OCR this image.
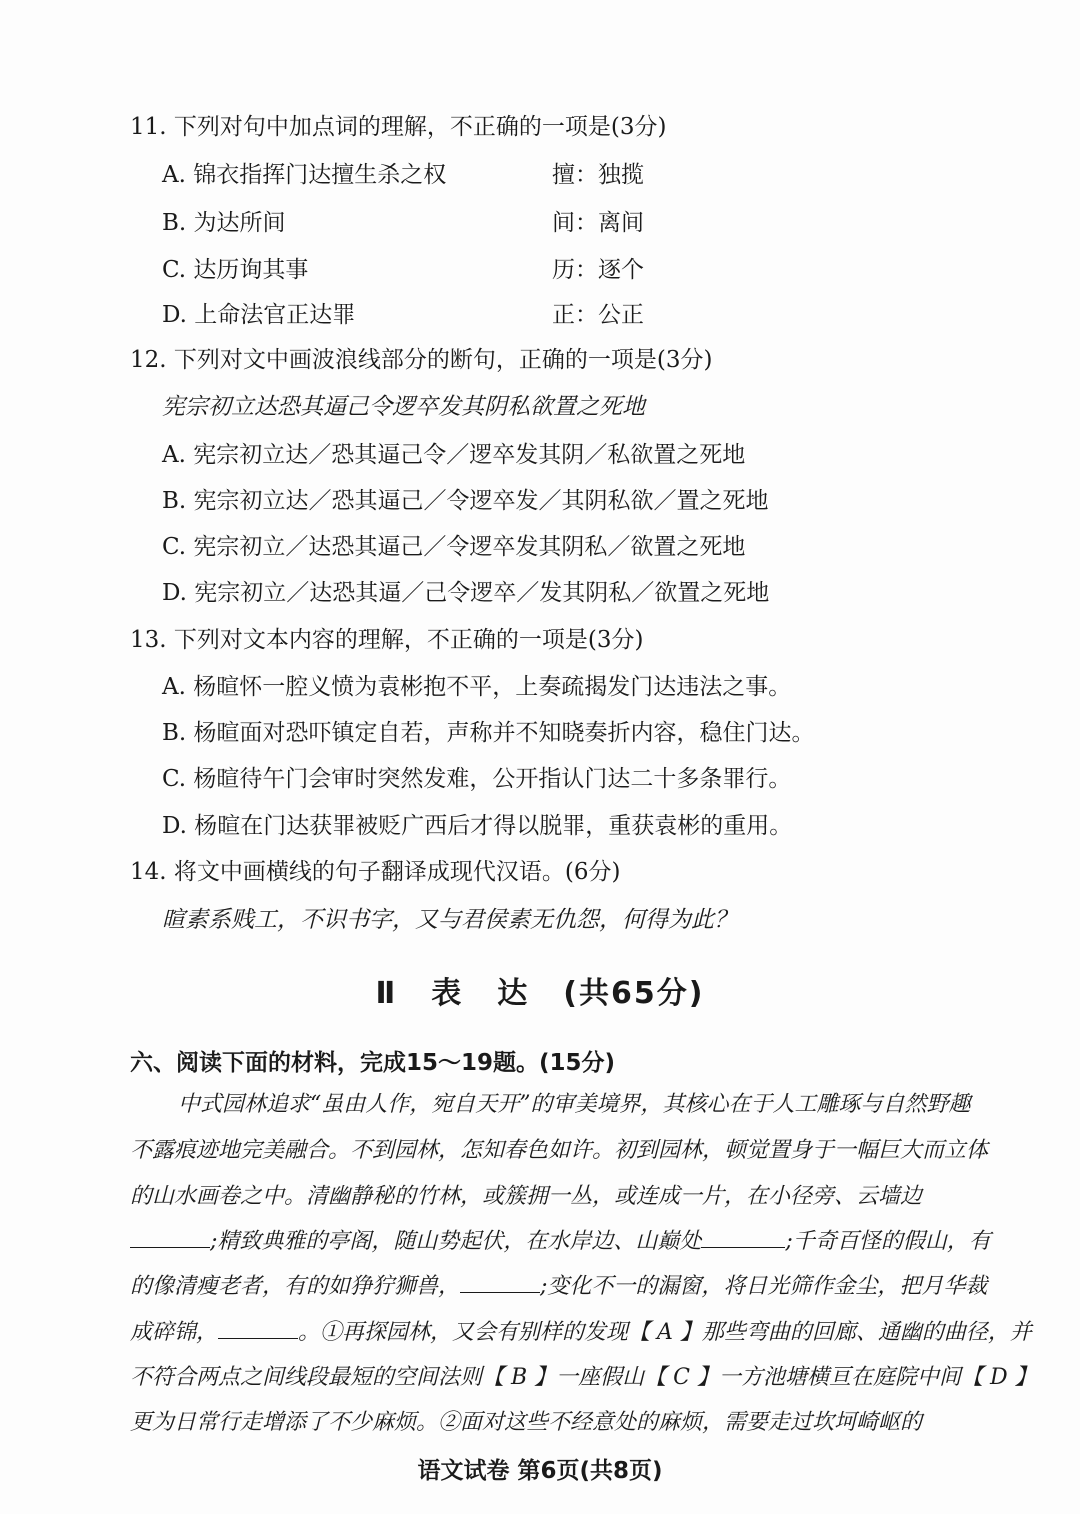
11. 下列对句中加点词的理解，不正确的一项是(3分)
A. 锦衣指挥门达擅生杀之权	擅：独揽
B. 为达所间	间：离间
C. 达历询其事	历：逐个
D. 上命法官正达罪	正：公正
12. 下列对文中画波浪线部分的断句，正确的一项是(3分)
宪宗初立达恐其逼己令逻卒发其阴私欲置之死地
A. 宪宗初立达／恐其逼己令／逻卒发其阴／私欲置之死地
B. 宪宗初立达／恐其逼己／令逻卒发／其阴私欲／置之死地
C. 宪宗初立／达恐其逼己／令逻卒发其阴私／欲置之死地
D. 宪宗初立／达恐其逼／己令逻卒／发其阴私／欲置之死地
13. 下列对文本内容的理解，不正确的一项是(3分)
A. 杨暄怀一腔义愤为袁彬抱不平，上奏疏揭发门达违法之事。
B. 杨暄面对恐吓镇定自若，声称并不知晓奏折内容，稳住门达。
C. 杨暄待午门会审时突然发难，公开指认门达二十多条罪行。
D. 杨暄在门达获罪被贬广西后才得以脱罪，重获袁彬的重用。
14. 将文中画横线的句子翻译成现代汉语。(6分)
暄素系贱工，不识书字，又与君侯素无仇怨，何得为此？
Ⅱ 表 达 (共65分)
六、阅读下面的材料，完成15～19题。(15分)
中式园林追求“虽由人作，宛自天开”的审美境界，其核心在于人工雕琢与自然野趣
不露痕迹地完美融合。不到园林，怎知春色如许。初到园林，顿觉置身于一幅巨大而立体
的山水画卷之中。清幽静秘的竹林，或簇拥一丛，或连成一片，在小径旁、云墙边
;精致典雅的亭阁，随山势起伏，在水岸边、山巅处	;千奇百怪的假山，有
的像清瘦老者，有的如狰狞狮兽，	;变化不一的漏窗，将日光筛作金尘，把月华裁
成碎锦，	。①再探园林，又会有别样的发现【 A 】那些弯曲的回廊、通幽的曲径，并
不符合两点之间线段最短的空间法则【 B 】一座假山【 C 】一方池塘横亘在庭院中间【 D 】
更为日常行走增添了不少麻烦。②面对这些不经意处的麻烦，需要走过坎坷崎岖的
语文试卷 第6页(共8页)
